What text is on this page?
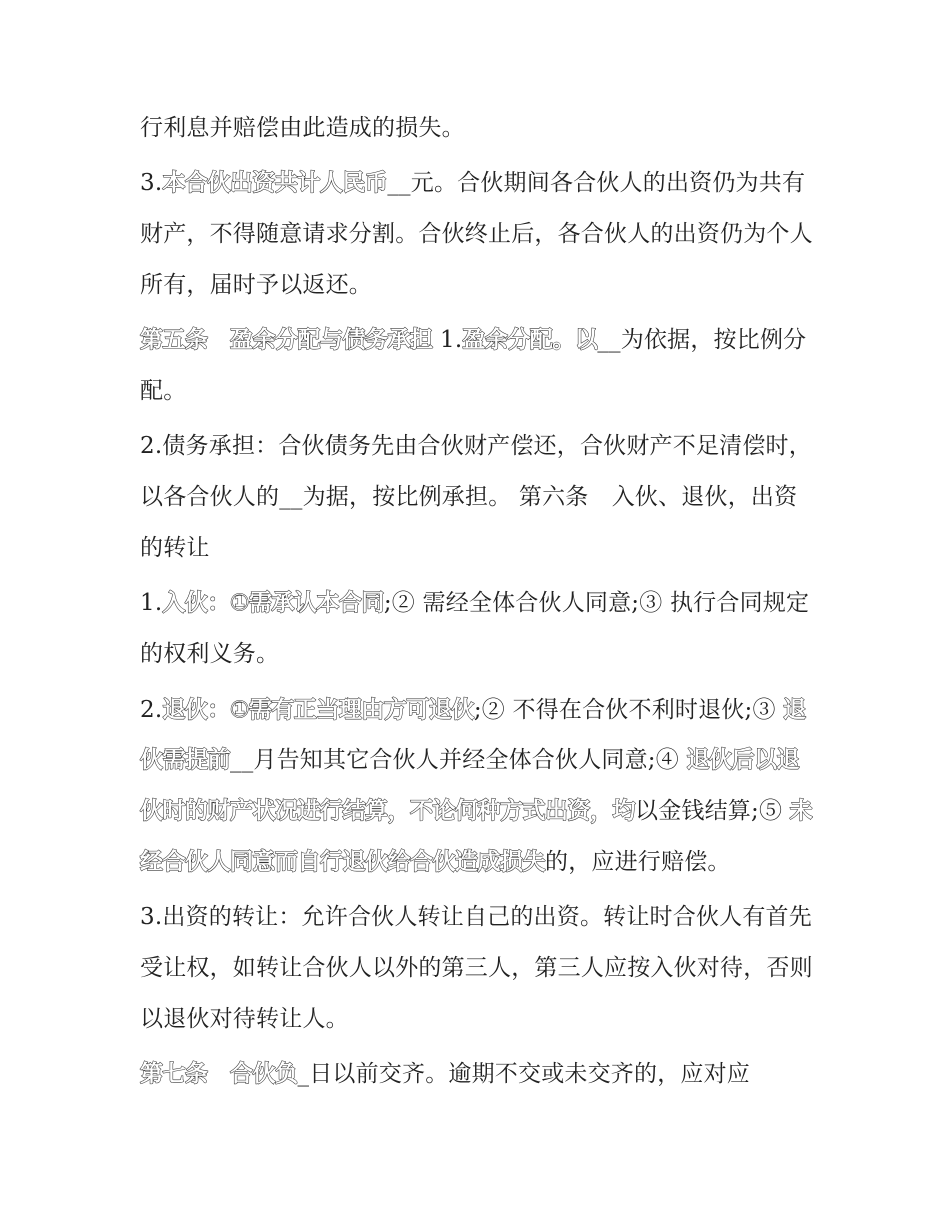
行利息并赔偿由此造成的损失。

3.本合伙出资共计人民币__元。合伙期间各合伙人的出资仍为共有财产，不得随意请求分割。合伙终止后，各合伙人的出资仍为个人所有，届时予以返还。

第五条　盈余分配与债务承担 1.盈余分配。以__为依据，按比例分配。

2.债务承担：合伙债务先由合伙财产偿还，合伙财产不足清偿时，以各合伙人的__为据，按比例承担。 第六条　入伙、退伙，出资的转让

1.入伙：①需承认本合同;② 需经全体合伙人同意;③ 执行合同规定的权利义务。

2.退伙：①需有正当理由方可退伙;② 不得在合伙不利时退伙;③ 退伙需提前__月告知其它合伙人并经全体合伙人同意;④ 退伙后以退伙时的财产状况进行结算，不论何种方式出资，均以金钱结算;⑤ 未经合伙人同意而自行退伙给合伙造成损失的，应进行赔偿。

3.出资的转让：允许合伙人转让自己的出资。转让时合伙人有首先受让权，如转让合伙人以外的第三人，第三人应按入伙对待，否则以退伙对待转让人。

第七条　合伙负_日以前交齐。逾期不交或未交齐的，应对应
